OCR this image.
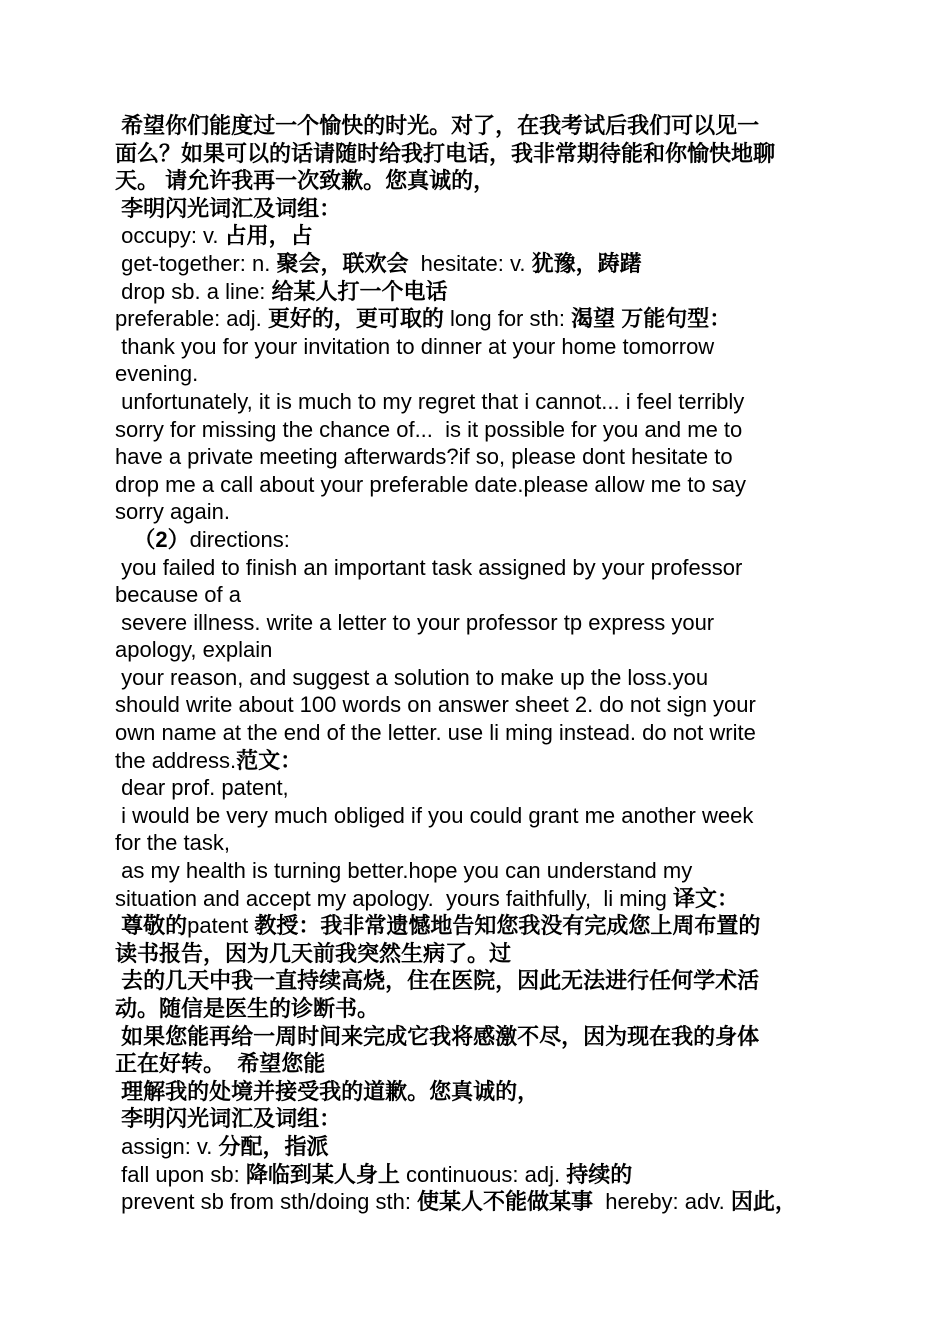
希望你们能度过一个愉快的时光。对了，在我考试后我们可以见一
面么？如果可以的话请随时给我打电话，我非常期待能和你愉快地聊
天。 请允许我再一次致歉。您真诚的，
李明闪光词汇及词组：
occupy: v. 占用，占
get-together: n. 聚会，联欢会  hesitate: v. 犹豫，踌躇
drop sb. a line: 给某人打一个电话
preferable: adj. 更好的，更可取的 long for sth: 渴望 万能句型：
thank you for your invitation to dinner at your home tomorrow
evening.
unfortunately, it is much to my regret that i cannot... i feel terribly
sorry for missing the chance of...  is it possible for you and me to
have a private meeting afterwards?if so, please dont hesitate to
drop me a call about your preferable date.please allow me to say
sorry again.
（2）directions:
you failed to finish an important task assigned by your professor
because of a
severe illness. write a letter to your professor tp express your
apology, explain
your reason, and suggest a solution to make up the loss.you
should write about 100 words on answer sheet 2. do not sign your
own name at the end of the letter. use li ming instead. do not write
the address.范文：
dear prof. patent,
i would be very much obliged if you could grant me another week
for the task,
as my health is turning better.hope you can understand my
situation and accept my apology.  yours faithfully,  li ming 译文：
尊敬的patent 教授：我非常遗憾地告知您我没有完成您上周布置的
读书报告，因为几天前我突然生病了。过
去的几天中我一直持续高烧，住在医院，因此无法进行任何学术活
动。随信是医生的诊断书。
如果您能再给一周时间来完成它我将感激不尽，因为现在我的身体
正在好转。  希望您能
理解我的处境并接受我的道歉。您真诚的，
李明闪光词汇及词组：
assign: v. 分配，指派
fall upon sb: 降临到某人身上 continuous: adj. 持续的
prevent sb from sth/doing sth: 使某人不能做某事  hereby: adv. 因此，
